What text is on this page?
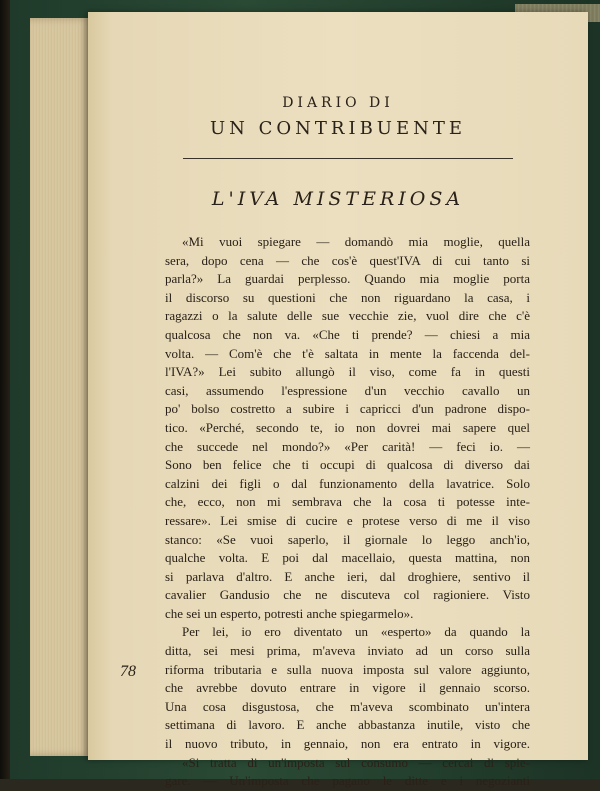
DIARIO DI
UN CONTRIBUENTE
L'IVA MISTERIOSA
«Mi vuoi spiegare — domandò mia moglie, quella
sera, dopo cena — che cos'è quest'IVA di cui tanto si
parla?» La guardai perplesso. Quando mia moglie porta
il discorso su questioni che non riguardano la casa, i
ragazzi o la salute delle sue vecchie zie, vuol dire che c'è
qualcosa che non va. «Che ti prende? — chiesi a mia
volta. — Com'è che t'è saltata in mente la faccenda del-
l'IVA?» Lei subito allungò il viso, come fa in questi
casi, assumendo l'espressione d'un vecchio cavallo un
po' bolso costretto a subire i capricci d'un padrone dispo-
tico. «Perché, secondo te, io non dovrei mai sapere quel
che succede nel mondo?» «Per carità! — feci io. —
Sono ben felice che ti occupi di qualcosa di diverso dai
calzini dei figli o dal funzionamento della lavatrice. Solo
che, ecco, non mi sembrava che la cosa ti potesse inte-
ressare». Lei smise di cucire e protese verso di me il viso
stanco: «Se vuoi saperlo, il giornale lo leggo anch'io,
qualche volta. E poi dal macellaio, questa mattina, non
si parlava d'altro. E anche ieri, dal droghiere, sentivo il
cavalier Gandusio che ne discuteva col ragioniere. Visto
che sei un esperto, potresti anche spiegarmelo».
Per lei, io ero diventato un «esperto» da quando la
ditta, sei mesi prima, m'aveva inviato ad un corso sulla
riforma tributaria e sulla nuova imposta sul valore aggiunto,
che avrebbe dovuto entrare in vigore il gennaio scorso.
Una cosa disgustosa, che m'aveva scombinato un'intera
settimana di lavoro. E anche abbastanza inutile, visto che
il nuovo tributo, in gennaio, non era entrato in vigore.
«Si tratta di un'imposta sul consumo — cercai di spie-
gare. — Un'imposta che pagano le ditte e i negozianti
78
